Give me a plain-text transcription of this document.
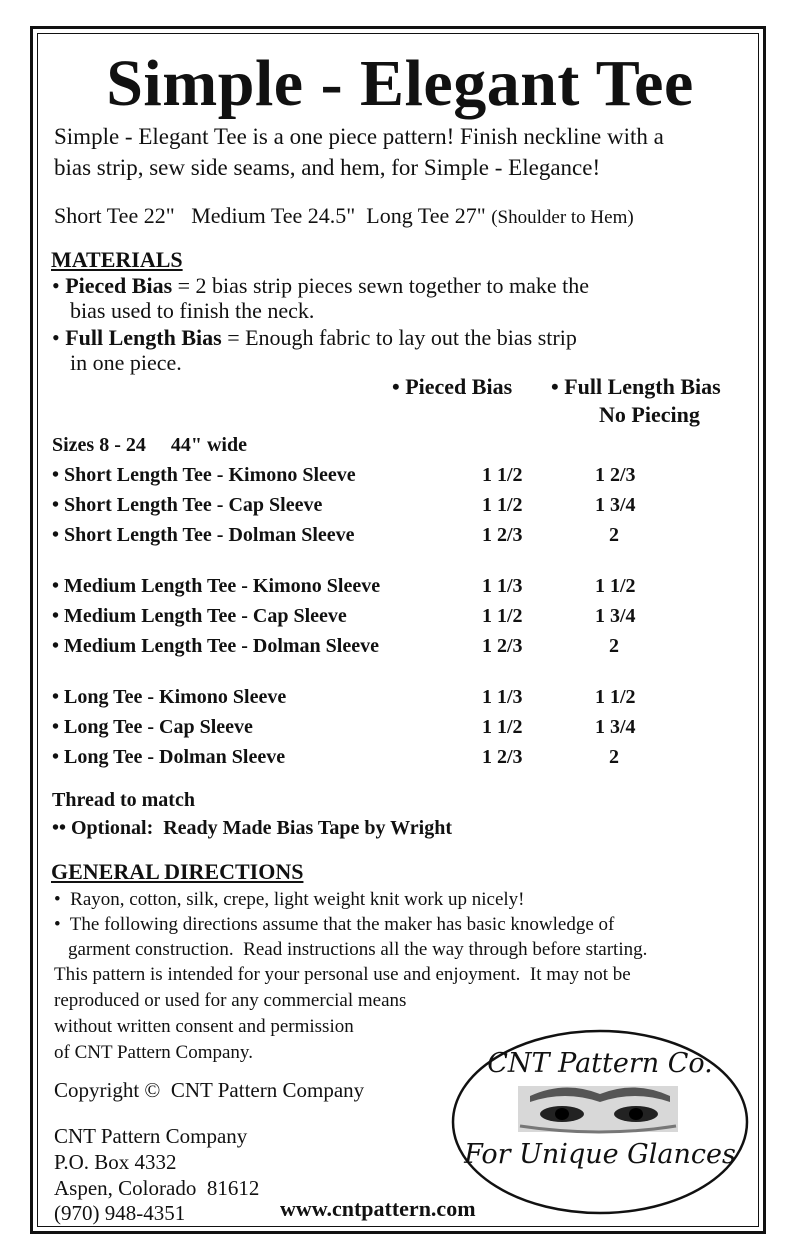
Simple - Elegant Tee
Simple - Elegant Tee is a one piece pattern! Finish neckline with a
bias strip, sew side seams, and hem, for Simple - Elegance!
Short Tee 22"   Medium Tee 24.5"  Long Tee 27" (Shoulder to Hem)
MATERIALS
• Pieced Bias = 2 bias strip pieces sewn together to make the
bias used to finish the neck.
• Full Length Bias = Enough fabric to lay out the bias strip
in one piece.
• Pieced Bias • Full Length Bias
No Piecing
Sizes 8 - 24     44" wide
• Short Length Tee - Kimono Sleeve	1 1/2	1 2/3
• Short Length Tee - Cap Sleeve	1 1/2	1 3/4
• Short Length Tee - Dolman Sleeve	1 2/3	2
• Medium Length Tee - Kimono Sleeve	1 1/3	1 1/2
• Medium Length Tee - Cap Sleeve	1 1/2	1 3/4
• Medium Length Tee - Dolman Sleeve	1 2/3	2
• Long Tee - Kimono Sleeve	1 1/3	1 1/2
• Long Tee - Cap Sleeve	1 1/2	1 3/4
• Long Tee - Dolman Sleeve	1 2/3	2
Thread to match
•• Optional:  Ready Made Bias Tape by Wright
GENERAL DIRECTIONS
•  Rayon, cotton, silk, crepe, light weight knit work up nicely!
•  The following directions assume that the maker has basic knowledge of
garment construction.  Read instructions all the way through before starting.
This pattern is intended for your personal use and enjoyment.  It may not be
reproduced or used for any commercial means
without written consent and permission
of CNT Pattern Company.
Copyright ©  CNT Pattern Company
CNT Pattern Company
P.O. Box 4332
Aspen, Colorado  81612
(970) 948-4351	www.cntpattern.com
CNT Pattern Co.
For Unique Glances
